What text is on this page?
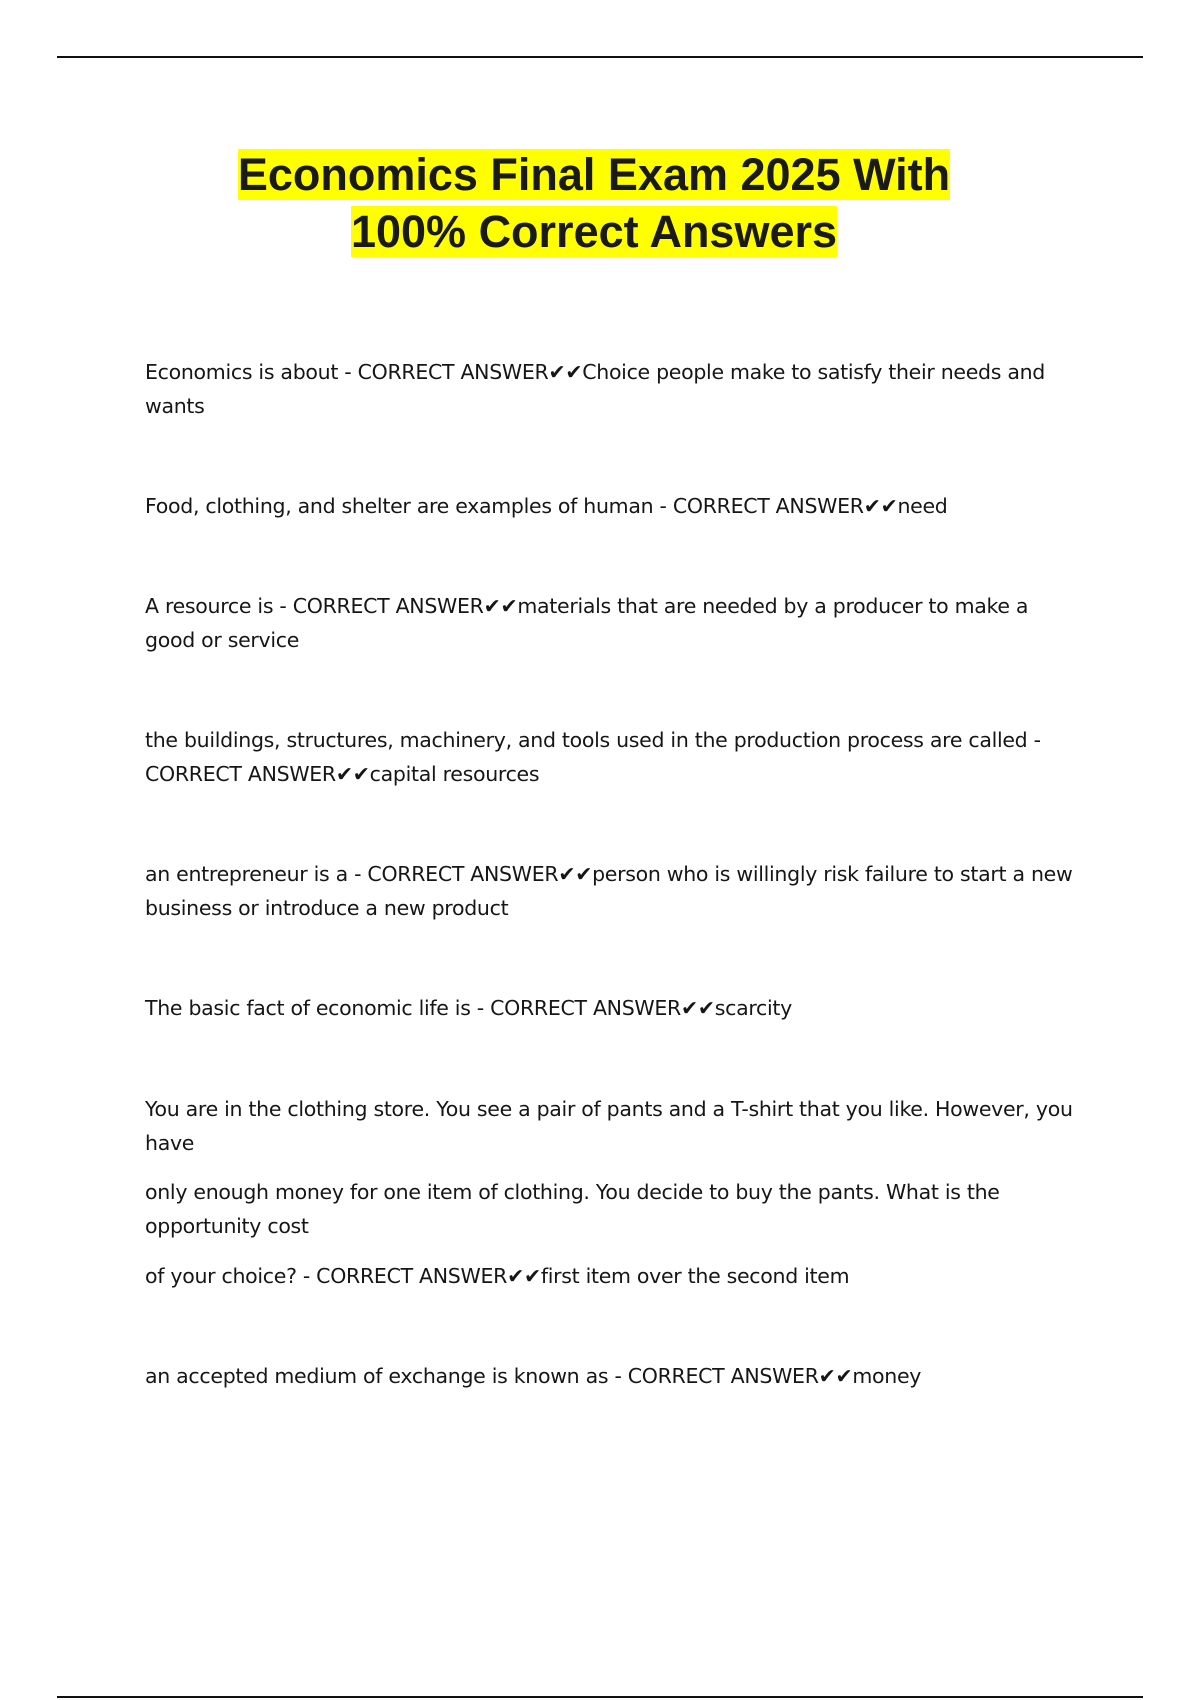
Economics Final Exam 2025 With
100% Correct Answers

Economics is about - CORRECT ANSWER✔✔Choice people make to satisfy their needs and wants

Food, clothing, and shelter are examples of human - CORRECT ANSWER✔✔need

A resource is - CORRECT ANSWER✔✔materials that are needed by a producer to make a good or service

the buildings, structures, machinery, and tools used in the production process are called - CORRECT ANSWER✔✔capital resources

an entrepreneur is a - CORRECT ANSWER✔✔person who is willingly risk failure to start a new business or introduce a new product

The basic fact of economic life is - CORRECT ANSWER✔✔scarcity

You are in the clothing store. You see a pair of pants and a T-shirt that you like. However, you have

only enough money for one item of clothing. You decide to buy the pants. What is the opportunity cost

of your choice? - CORRECT ANSWER✔✔first item over the second item

an accepted medium of exchange is known as - CORRECT ANSWER✔✔money
